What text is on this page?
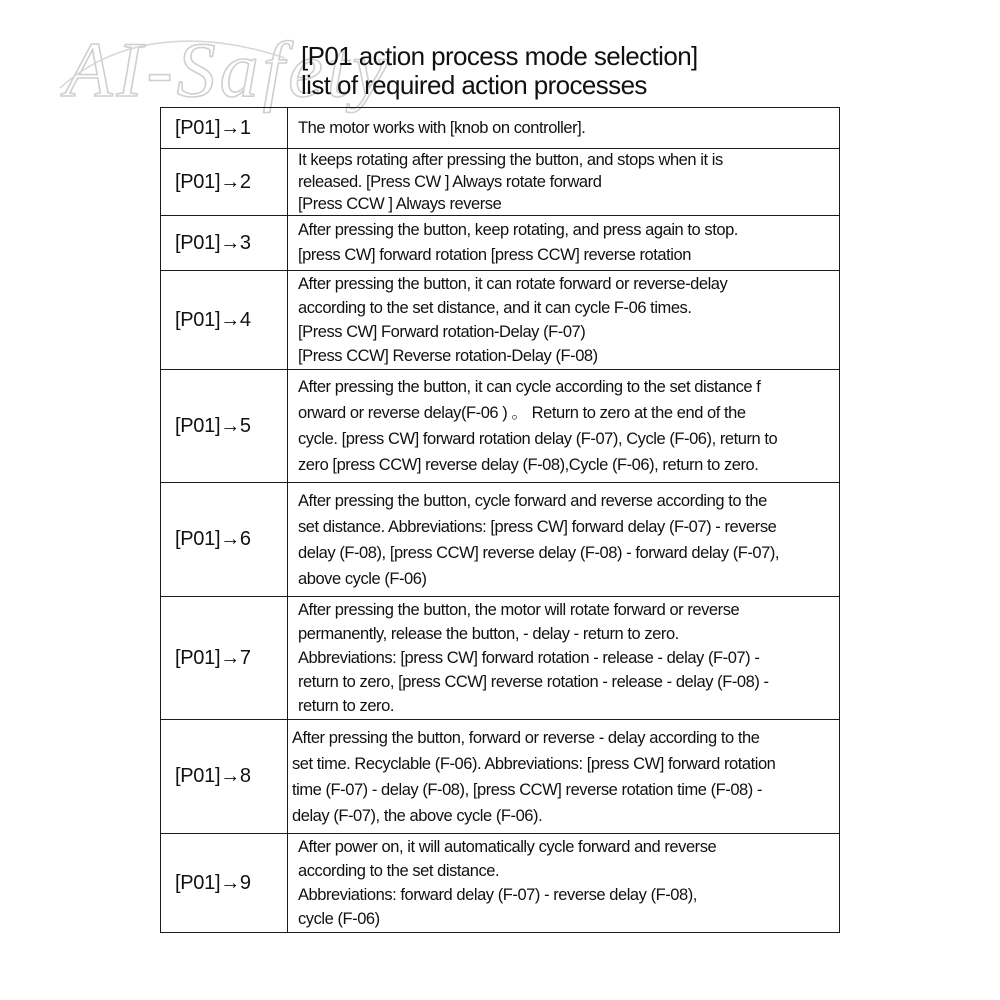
AI-Safety
[P01 action process mode selection]
list of required action processes
[P01]→1	The motor works with [knob on controller].

[P01]→2	It keeps rotating after pressing the button, and stops when it is
released. [Press CW ] Always rotate forward
[Press CCW ] Always reverse

[P01]→3	After pressing the button, keep rotating, and press again to stop.
[press CW] forward rotation [press CCW] reverse rotation

[P01]→4	After pressing the button, it can rotate forward or reverse-delay
according to the set distance, and it can cycle F-06 times.
[Press CW] Forward rotation-Delay (F-07)
[Press CCW] Reverse rotation-Delay (F-08)

[P01]→5	After pressing the button, it can cycle according to the set distance f
orward or reverse delay(F-06 ) 。 Return to zero at the end of the
cycle. [press CW] forward rotation delay (F-07), Cycle (F-06), return to
zero [press CCW] reverse delay (F-08),Cycle (F-06), return to zero.

[P01]→6	After pressing the button, cycle forward and reverse according to the
set distance. Abbreviations: [press CW] forward delay (F-07) - reverse
delay (F-08), [press CCW] reverse delay (F-08) - forward delay (F-07),
above cycle (F-06)

[P01]→7	After pressing the button, the motor will rotate forward or reverse
permanently, release the button, - delay - return to zero.
Abbreviations: [press CW] forward rotation - release - delay (F-07) -
return to zero, [press CCW] reverse rotation - release - delay (F-08) -
return to zero.

[P01]→8	After pressing the button, forward or reverse - delay according to the
set time. Recyclable (F-06). Abbreviations: [press CW] forward rotation
time (F-07) - delay (F-08), [press CCW] reverse rotation time (F-08) -
delay (F-07), the above cycle (F-06).

[P01]→9	After power on, it will automatically cycle forward and reverse
according to the set distance.
Abbreviations: forward delay (F-07) - reverse delay (F-08),
cycle (F-06)
